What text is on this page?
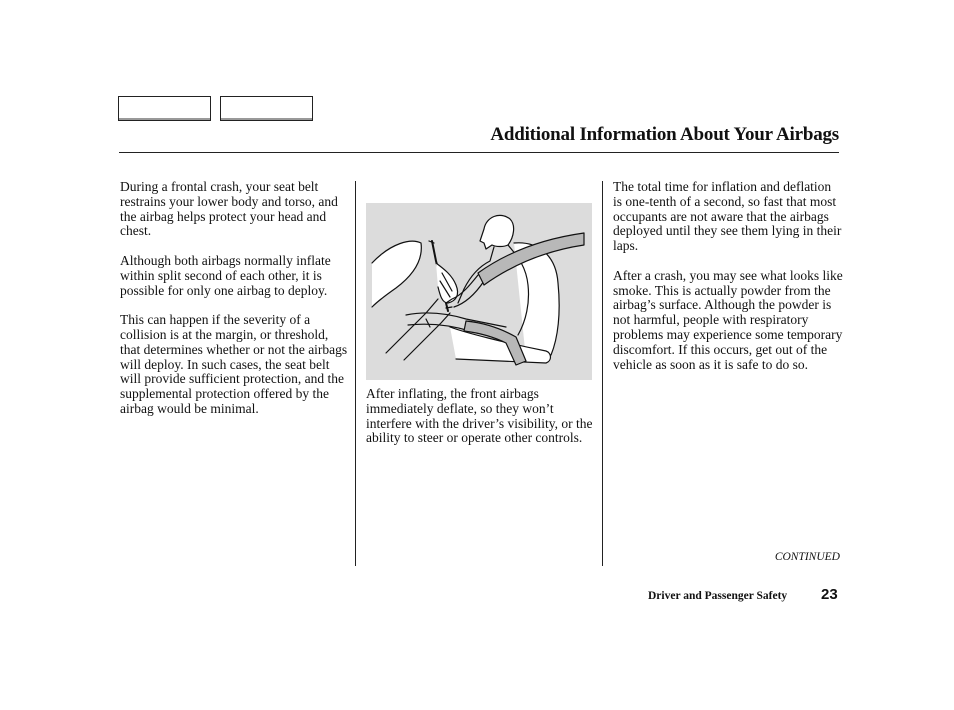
Additional Information About Your Airbags

During a frontal crash, your seat belt restrains your lower body and torso, and the airbag helps protect your head and chest.

Although both airbags normally inflate within split second of each other, it is possible for only one airbag to deploy.

This can happen if the severity of a collision is at the margin, or threshold, that determines whether or not the airbags will deploy. In such cases, the seat belt will provide sufficient protection, and the supplemental protection offered by the airbag would be minimal.

After inflating, the front airbags immediately deflate, so they won’t interfere with the driver’s visibility, or the ability to steer or operate other controls.

The total time for inflation and deflation is one-tenth of a second, so fast that most occupants are not aware that the airbags deployed until they see them lying in their laps.

After a crash, you may see what looks like smoke. This is actually powder from the airbag’s surface. Although the powder is not harmful, people with respiratory problems may experience some temporary discomfort. If this occurs, get out of the vehicle as soon as it is safe to do so.

CONTINUED
Driver and Passenger Safety 23
